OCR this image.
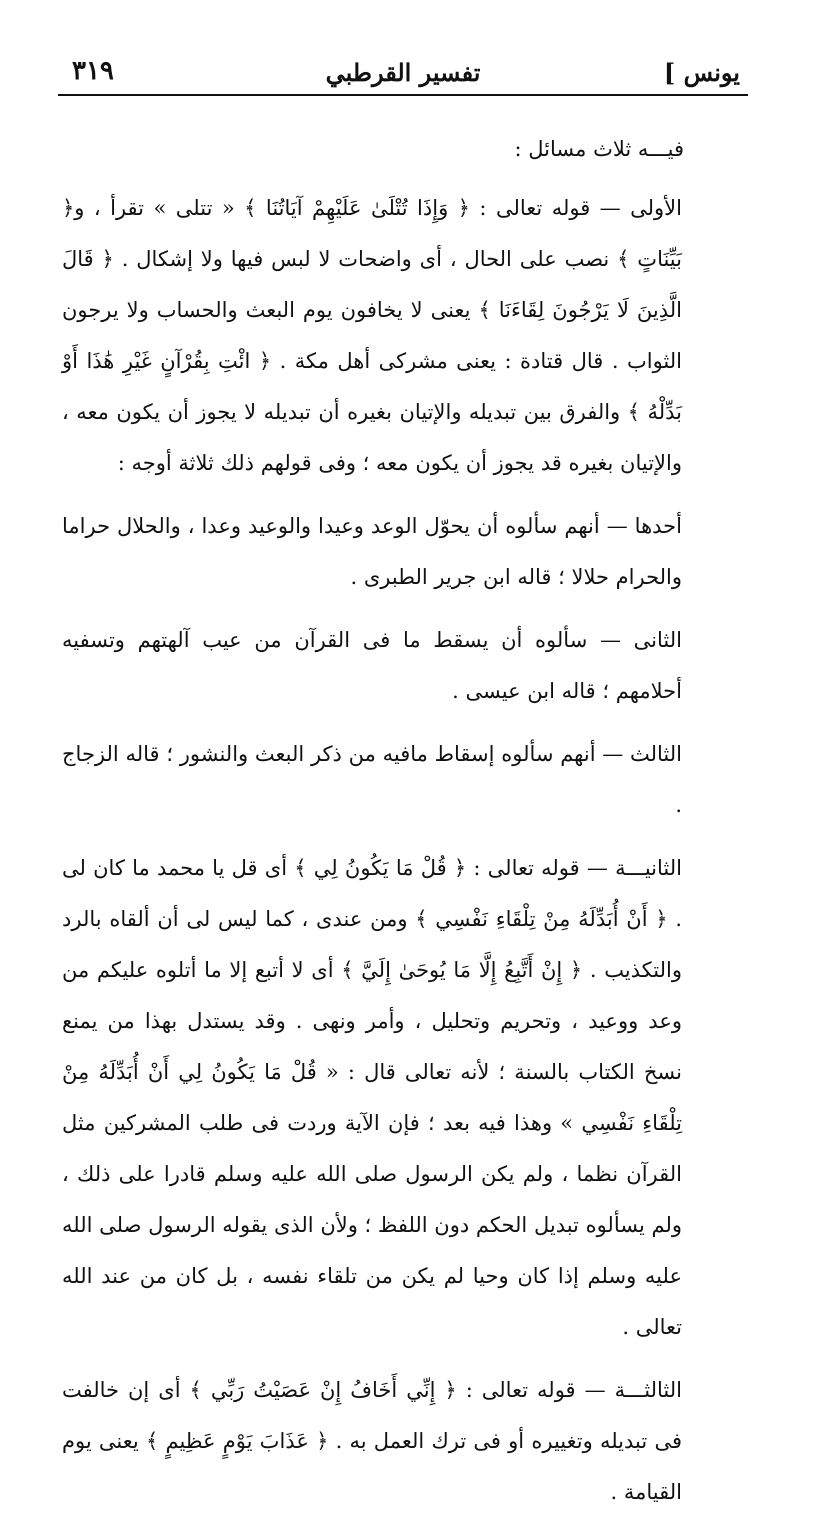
يونس ]
تفسير القرطبي
٣١٩
فيـــه ثلاث مسائل :

الأولى — قوله تعالى : ﴿ وَإِذَا تُتْلَىٰ عَلَيْهِمْ آيَاتُنَا ﴾ « تتلى » تقرأ ، و﴿ بَيِّنَاتٍ ﴾ نصب على الحال ، أى واضحات لا لبس فيها ولا إشكال . ﴿ قَالَ الَّذِينَ لَا يَرْجُونَ لِقَاءَنَا ﴾ يعنى لا يخافون يوم البعث والحساب ولا يرجون الثواب . قال قتادة : يعنى مشركى أهل مكة . ﴿ ائْتِ بِقُرْآنٍ غَيْرِ هَٰذَا أَوْ بَدِّلْهُ ﴾ والفرق بين تبديله والإتيان بغيره أن تبديله لا يجوز أن يكون معه ، والإتيان بغيره قد يجوز أن يكون معه ؛ وفى قولهم ذلك ثلاثة أوجه :

أحدها — أنهم سألوه أن يحوّل الوعد وعيدا والوعيد وعدا ، والحلال حراما والحرام حلالا ؛ قاله ابن جرير الطبرى .

الثانى — سألوه أن يسقط ما فى القرآن من عيب آلهتهم وتسفيه أحلامهم ؛ قاله ابن عيسى .

الثالث — أنهم سألوه إسقاط مافيه من ذكر البعث والنشور ؛ قاله الزجاج .

الثانيـــة — قوله تعالى : ﴿ قُلْ مَا يَكُونُ لِي ﴾ أى قل يا محمد ما كان لى . ﴿ أَنْ أُبَدِّلَهُ مِنْ تِلْقَاءِ نَفْسِي ﴾ ومن عندى ، كما ليس لى أن ألقاه بالرد والتكذيب . ﴿ إِنْ أَتَّبِعُ إِلَّا مَا يُوحَىٰ إِلَيَّ ﴾ أى لا أتبع إلا ما أتلوه عليكم من وعد ووعيد ، وتحريم وتحليل ، وأمر ونهى . وقد يستدل بهذا من يمنع نسخ الكتاب بالسنة ؛ لأنه تعالى قال : « قُلْ مَا يَكُونُ لِي أَنْ أُبَدِّلَهُ مِنْ تِلْقَاءِ نَفْسِي » وهذا فيه بعد ؛ فإن الآية وردت فى طلب المشركين مثل القرآن نظما ، ولم يكن الرسول صلى الله عليه وسلم قادرا على ذلك ، ولم يسألوه تبديل الحكم دون اللفظ ؛ ولأن الذى يقوله الرسول صلى الله عليه وسلم إذا كان وحيا لم يكن من تلقاء نفسه ، بل كان من عند الله تعالى .

الثالثـــة — قوله تعالى : ﴿ إِنِّي أَخَافُ إِنْ عَصَيْتُ رَبِّي ﴾ أى إن خالفت فى تبديله وتغييره أو فى ترك العمل به . ﴿ عَذَابَ يَوْمٍ عَظِيمٍ ﴾ يعنى يوم القيامة .
